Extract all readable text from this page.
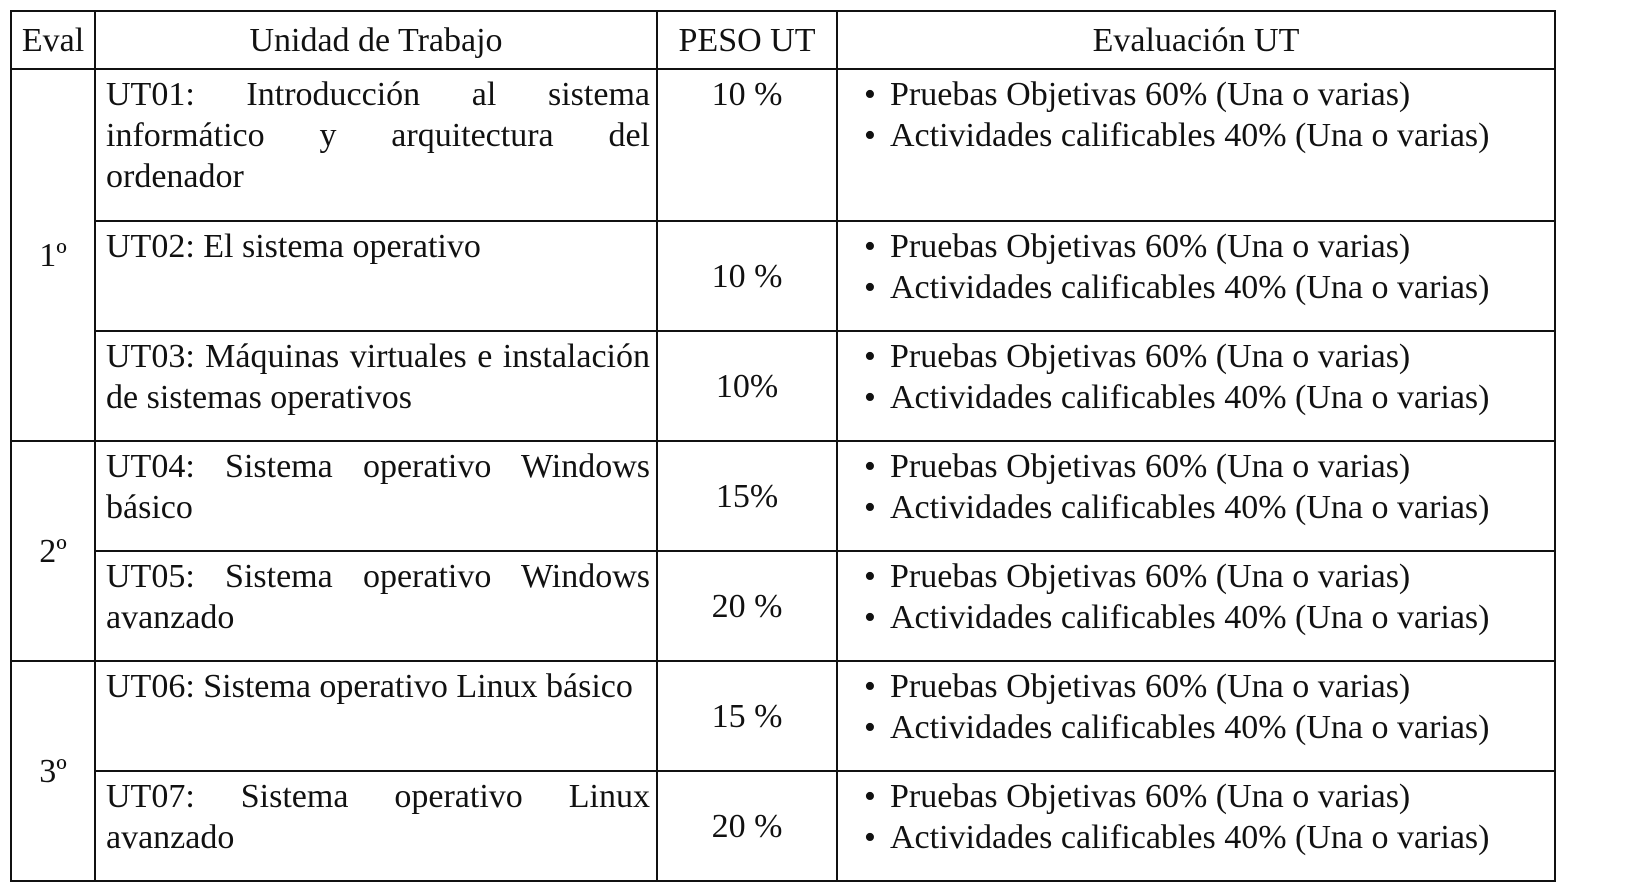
Eval	Unidad de Trabajo	PESO UT	Evaluación UT
1º	UT01: Introducción al sistema informático y arquitectura del ordenador	10 %	• Pruebas Objetivas 60% (Una o varias)
• Actividades calificables 40% (Una o varias)

	UT02: El sistema operativo	10 %	• Pruebas Objetivas 60% (Una o varias)
• Actividades calificables 40% (Una o varias)

	UT03: Máquinas virtuales e instalación de sistemas operativos	10%	• Pruebas Objetivas 60% (Una o varias)
• Actividades calificables 40% (Una o varias)

2º	UT04: Sistema operativo Windows básico	15%	• Pruebas Objetivas 60% (Una o varias)
• Actividades calificables 40% (Una o varias)

	UT05: Sistema operativo Windows avanzado	20 %	• Pruebas Objetivas 60% (Una o varias)
• Actividades calificables 40% (Una o varias)

3º	UT06: Sistema operativo Linux básico	15 %	• Pruebas Objetivas 60% (Una o varias)
• Actividades calificables 40% (Una o varias)

	UT07: Sistema operativo Linux avanzado	20 %	• Pruebas Objetivas 60% (Una o varias)
• Actividades calificables 40% (Una o varias)
